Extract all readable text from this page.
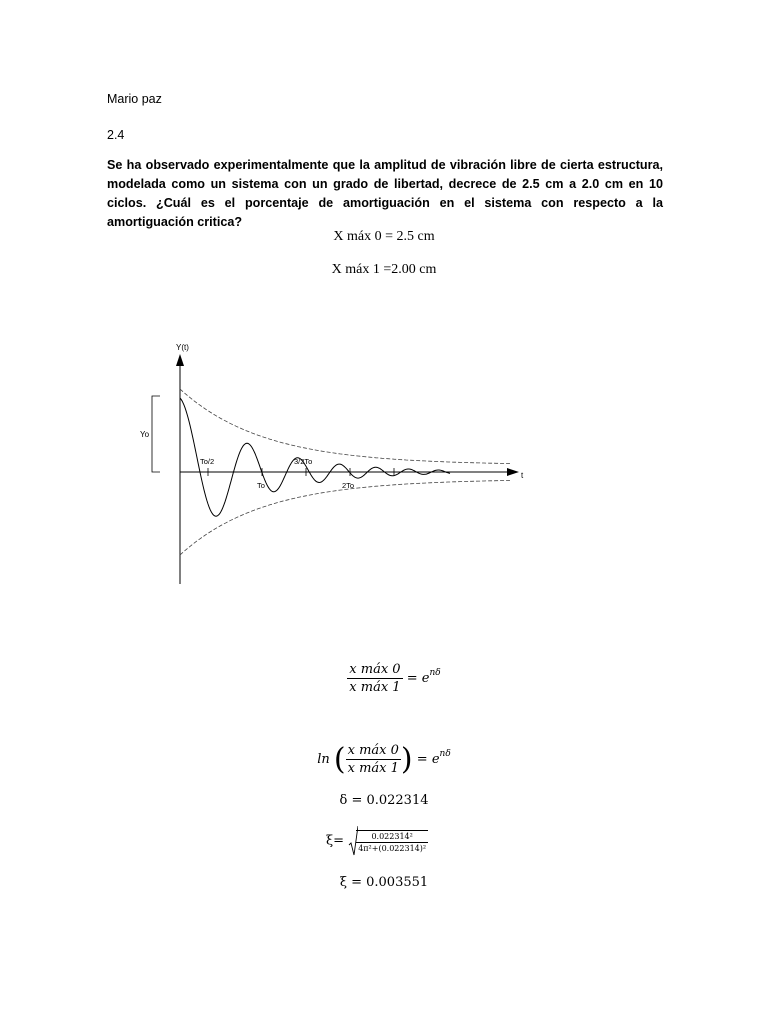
Mario paz
2.4
Se ha observado experimentalmente que la amplitud de vibración libre de cierta estructura, modelada como un sistema con un grado de libertad, decrece de 2.5 cm a 2.0 cm en 10 ciclos. ¿Cuál es el porcentaje de amortiguación en el sistema con respecto a la amortiguación critica?
X máx 0 = 2.5 cm
X máx 1 =2.00 cm
Y(t)
t
Yo
To/2
To
3/2To
2To
$\frac{\text{x máx 0}}{\text{x máx 1}} = e^{n\delta}$
ln ( $\frac{\text{x máx 0}}{\text{x máx 1}}$ ) = $e^{n\delta}$
δ = 0.022314
$\xi= \frac{\text{0.022314²}}{\text{4π²+(0.022314)²}}$
ξ = 0.003551
